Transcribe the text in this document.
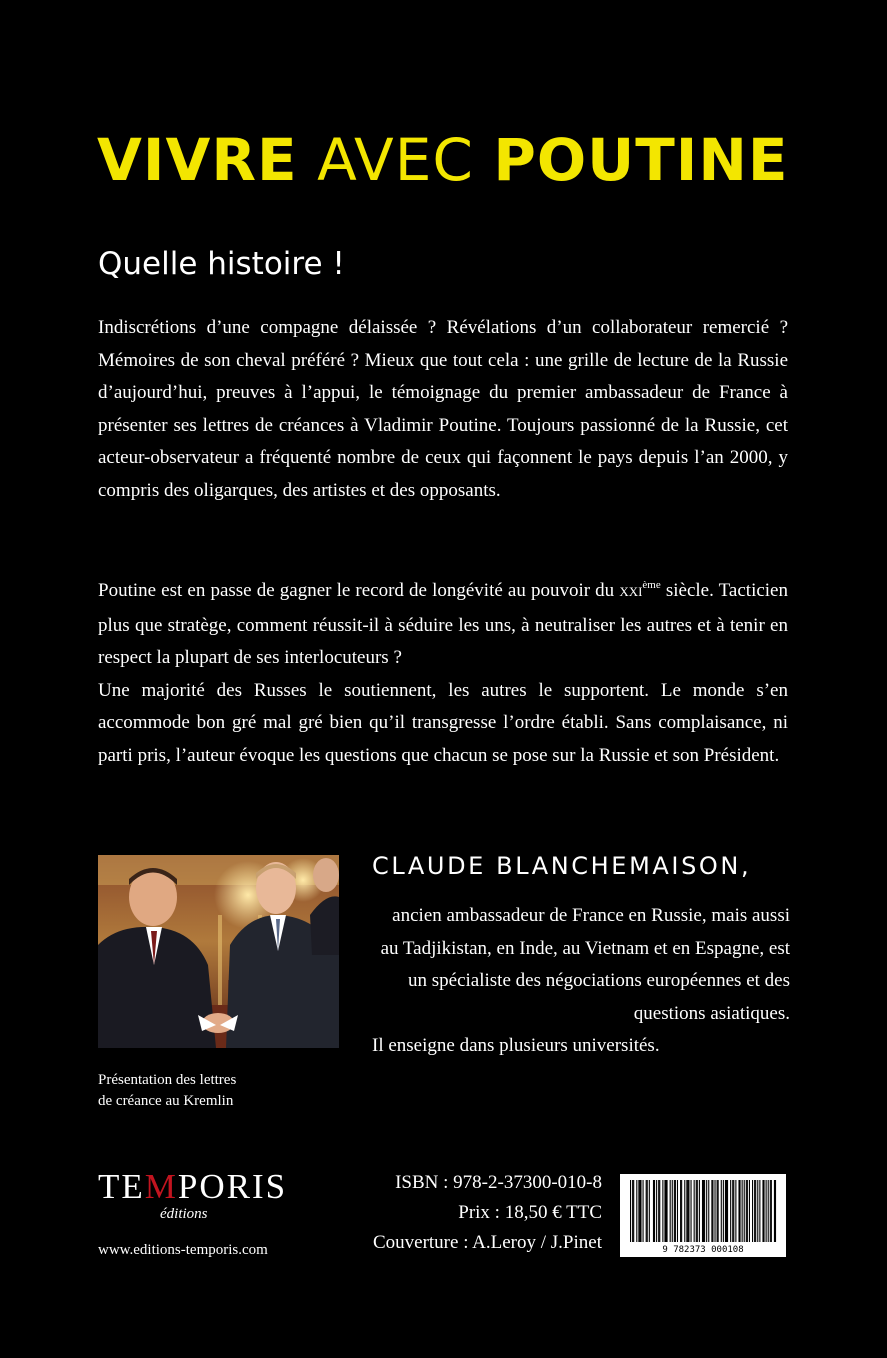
VIVRE AVEC POUTINE
Quelle histoire !

Indiscrétions d’une compagne délaissée ? Révélations d’un collaborateur remercié ? Mémoires de son cheval préféré ? Mieux que tout cela : une grille de lecture de la Russie d’aujourd’hui, preuves à l’appui, le témoignage du premier ambassadeur de France à présenter ses lettres de créances à Vladimir Poutine. Toujours passionné de la Russie, cet acteur-observateur a fréquenté nombre de ceux qui façonnent le pays depuis l’an 2000, y compris des oligarques, des artistes et des opposants.

Poutine est en passe de gagner le record de longévité au pouvoir du xxi$^{ème}$ siècle. Tacticien plus que stratège, comment réussit-il à séduire les uns, à neutraliser les autres et à tenir en respect la plupart de ses interlocuteurs ?

Une majorité des Russes le soutiennent, les autres le supportent. Le monde s’en accommode bon gré mal gré bien qu’il transgresse l’ordre établi. Sans complaisance, ni parti pris, l’auteur évoque les questions que chacun se pose sur la Russie et son Président.

Présentation des lettres
de créance au Kremlin
CLAUDE BLANCHEMAISON,

ancien ambassadeur de France en Russie, mais aussi au Tadjikistan, en Inde, au Vietnam et en Espagne, est un spécialiste des négociations européennes et des questions asiatiques.

Il enseigne dans plusieurs universités.

TEMPORIS
éditions
www.editions-temporis.com
ISBN : 978-2-37300-010-8
Prix : 18,50 € TTC
Couverture : A.Leroy / J.Pinet	9 782373 000108
